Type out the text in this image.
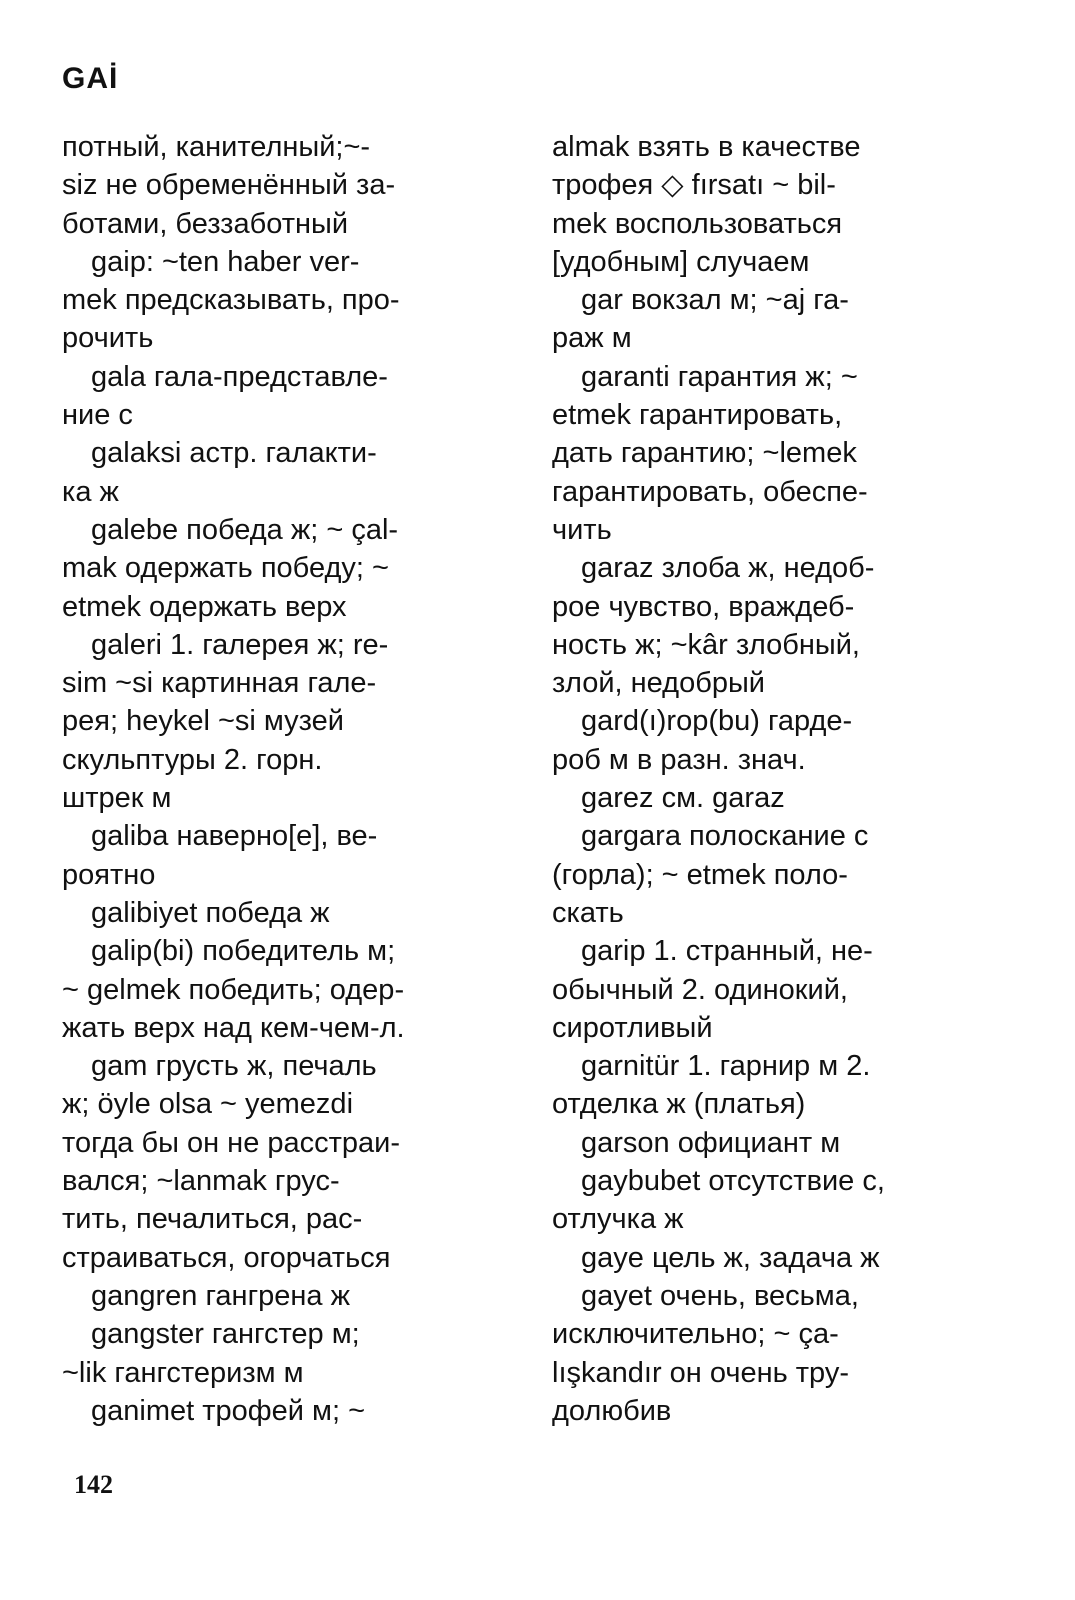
GAİ
потный, канителный;~-
siz не обременённый за-
ботами, беззаботный
 gaip: ~ten haber ver-
mek предсказывать, про-
рочить
 gala гала-представле-
ние с
 galaksi астр. галакти-
ка ж
 galebe победа ж; ~ çal-
mak одержать победу; ~
etmek одержать верх
 galeri 1. галерея ж; re-
sim ~si картинная гале-
рея; heykel ~si музей
скульптуры 2. горн.
штрек м
 galiba наверно[е], ве-
роятно
 galibiyet победа ж
 galip(bi) победитель м;
~ gelmek победить; одер-
жать верх над кем-чем-л.
 gam грусть ж, печаль
ж; öyle olsa ~ yemezdi
тогда бы он не расстраи-
вался; ~lanmak грус-
тить, печалиться, рас-
страиваться, огорчаться
 gangren гангрена ж
 gangster гангстер м;
~lik гангстеризм м
 ganimet трофей м; ~
almak взять в качестве
трофея ◇ fırsatı ~ bil-
mek воспользоваться
[удобным] случаем
 gar вокзал м; ~aj га-
раж м
 garanti гарантия ж; ~
etmek гарантировать,
дать гарантию; ~lemek
гарантировать, обеспе-
чить
 garaz злоба ж, недоб-
рое чувство, враждеб-
ность ж; ~kâr злобный,
злой, недобрый
 gard(ı)rop(bu) гарде-
роб м в разн. знач.
 garez см. garaz
 gargara полоскание с
(горла); ~ etmek поло-
скать
 garip 1. странный, не-
обычный 2. одинокий,
сиротливый
 garnitür 1. гарнир м 2.
отделка ж (платья)
 garson официант м
 gaybubet отсутствие с,
отлучка ж
 gaye цель ж, задача ж
 gayet очень, весьма,
исключительно; ~ ça-
lışkandır он очень тру-
долюбив
142
